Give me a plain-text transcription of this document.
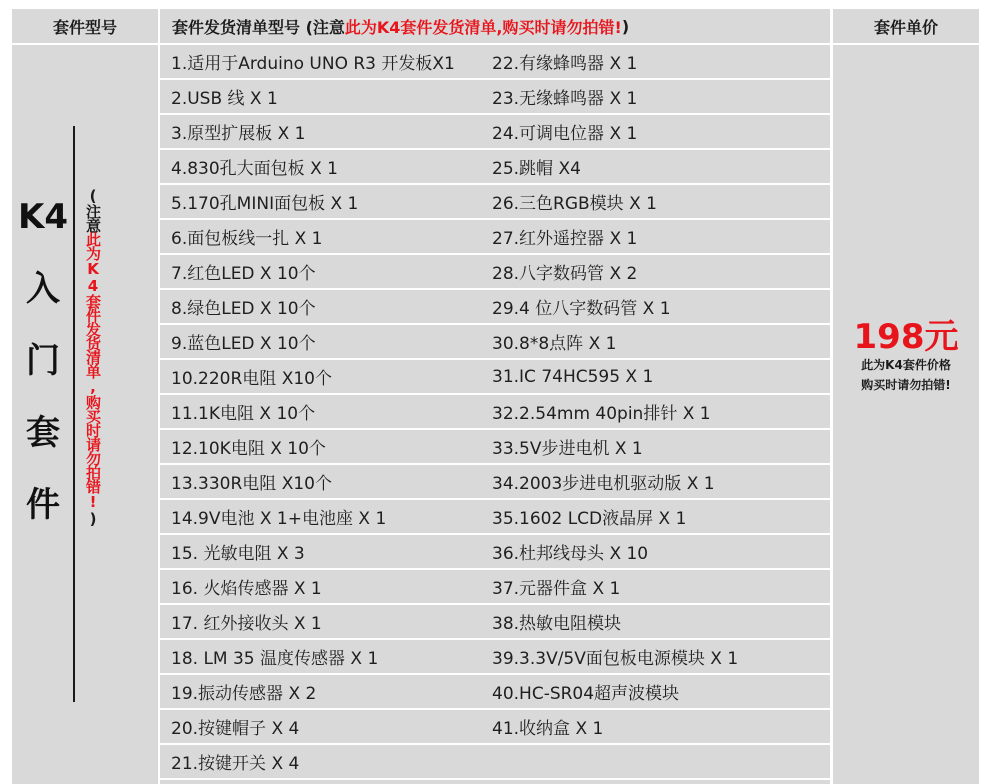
套件型号
K4
入
门
套
件
(注意此为K4套件发货清单,购买时请勿拍错!)
套件发货清单型号 (注意 此为K4套件发货清单,购买时请勿拍错! )
1.适用于Arduino UNO R3 开发板X1	22.有缘蜂鸣器 X 1
2.USB 线 X 1	23.无缘蜂鸣器 X 1
3.原型扩展板 X 1	24.可调电位器 X 1
4.830孔大面包板 X 1	25.跳帽 X4
5.170孔MINI面包板 X 1	26.三色RGB模块 X 1
6.面包板线一扎 X 1	27.红外遥控器 X 1
7.红色LED X 10个	28.八字数码管 X 2
8.绿色LED X 10个	29.4 位八字数码管 X 1
9.蓝色LED X 10个	30.8*8点阵 X 1
10.220R电阻 X10个	31.IC 74HC595 X 1
11.1K电阻 X 10个	32.2.54mm 40pin排针 X 1
12.10K电阻 X 10个	33.5V步进电机 X 1
13.330R电阻 X10个	34.2003步进电机驱动版 X 1
14.9V电池 X 1+电池座 X 1	35.1602 LCD液晶屏 X 1
15. 光敏电阻 X 3	36.杜邦线母头 X 10
16. 火焰传感器 X 1	37.元器件盒 X 1
17. 红外接收头 X 1	38.热敏电阻模块
18. LM 35 温度传感器 X 1	39.3.3V/5V面包板电源模块 X 1
19.振动传感器 X 2	40.HC-SR04超声波模块
20.按键帽子 X 4	41.收纳盒 X 1
21.按键开关 X 4
套件单价
198元
此为K4套件价格
购买时请勿拍错!
